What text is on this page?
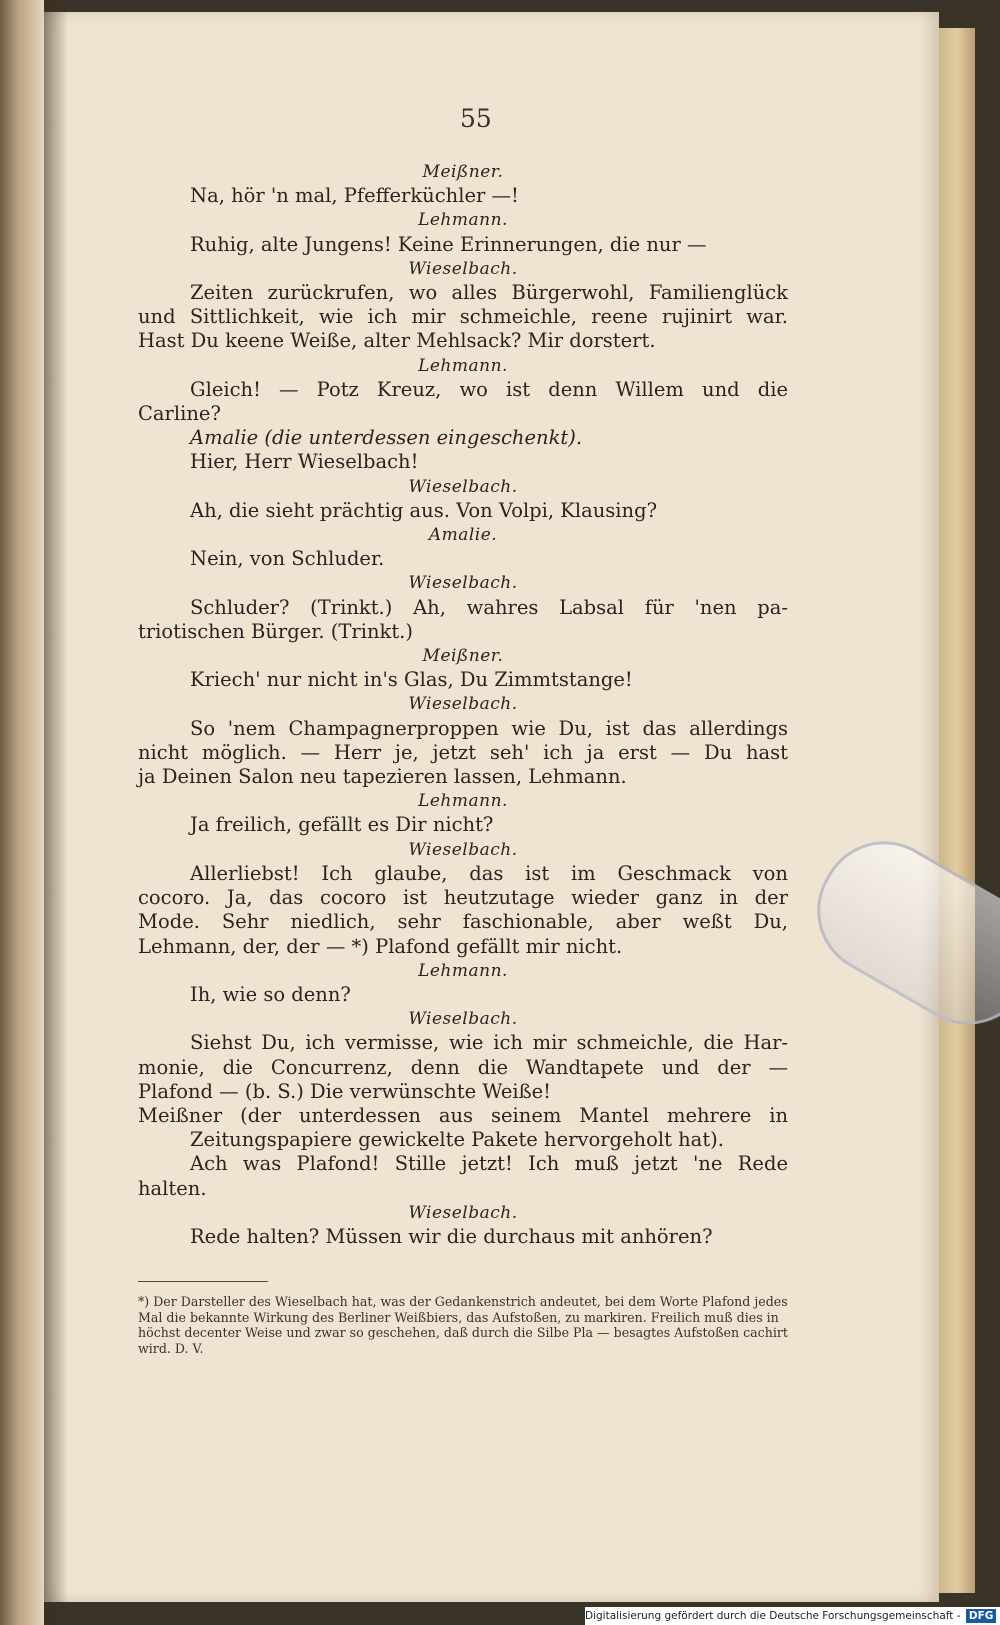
55
Meißner.
Na, hör 'n mal, Pfefferküchler —!
Lehmann.
Ruhig, alte Jungens! Keine Erinnerungen, die nur —
Wieselbach.
Zeiten zurückrufen, wo alles Bürgerwohl, Familienglück
und Sittlichkeit, wie ich mir schmeichle, reene rujinirt war.
Hast Du keene Weiße, alter Mehlsack? Mir dorstert.
Lehmann.
Gleich! — Potz Kreuz, wo ist denn Willem und die
Carline?
Amalie (die unterdessen eingeschenkt).
Hier, Herr Wieselbach!
Wieselbach.
Ah, die sieht prächtig aus. Von Volpi, Klausing?
Amalie.
Nein, von Schluder.
Wieselbach.
Schluder? (Trinkt.) Ah, wahres Labsal für 'nen pa-
triotischen Bürger. (Trinkt.)
Meißner.
Kriech' nur nicht in's Glas, Du Zimmtstange!
Wieselbach.
So 'nem Champagnerproppen wie Du, ist das allerdings
nicht möglich. — Herr je, jetzt seh' ich ja erst — Du hast
ja Deinen Salon neu tapezieren lassen, Lehmann.
Lehmann.
Ja freilich, gefällt es Dir nicht?
Wieselbach.
Allerliebst! Ich glaube, das ist im Geschmack von
cocoro. Ja, das cocoro ist heutzutage wieder ganz in der
Mode. Sehr niedlich, sehr faschionable, aber weßt Du,
Lehmann, der, der — *) Plafond gefällt mir nicht.
Lehmann.
Ih, wie so denn?
Wieselbach.
Siehst Du, ich vermisse, wie ich mir schmeichle, die Har-
monie, die Concurrenz, denn die Wandtapete und der —
Plafond — (b. S.) Die verwünschte Weiße!
Meißner (der unterdessen aus seinem Mantel mehrere in
Zeitungspapiere gewickelte Pakete hervorgeholt hat).
Ach was Plafond! Stille jetzt! Ich muß jetzt 'ne Rede
halten.
Wieselbach.
Rede halten? Müssen wir die durchaus mit anhören?
*) Der Darsteller des Wieselbach hat, was der Gedankenstrich andeutet, bei dem Worte Plafond jedes Mal die bekannte Wirkung des Berliner Weißbiers, das Aufstoßen, zu markiren. Freilich muß dies in höchst decenter Weise und zwar so geschehen, daß durch die Silbe Pla — besagtes Aufstoßen cachirt wird. D. V.
Digitalisierung gefördert durch die Deutsche Forschungsgemeinschaft - DFG
